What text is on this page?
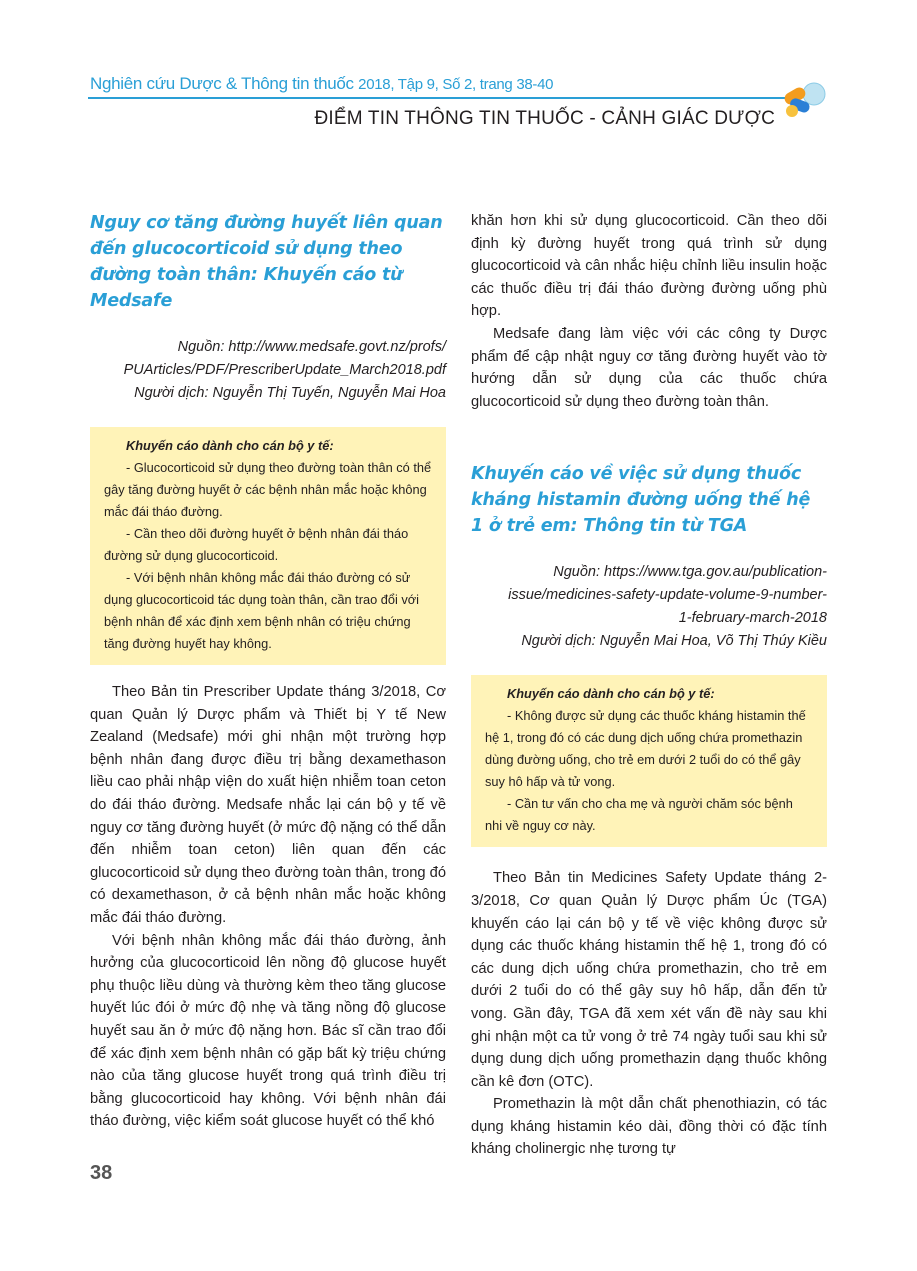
Nghiên cứu Dược & Thông tin thuốc 2018, Tập 9, Số 2, trang 38-40
ĐIỂM TIN THÔNG TIN THUỐC - CẢNH GIÁC DƯỢC
Nguy cơ tăng đường huyết liên quan đến glucocorticoid sử dụng theo đường toàn thân: Khuyến cáo từ Medsafe
Nguồn: http://www.medsafe.govt.nz/profs/
PUArticles/PDF/PrescriberUpdate_March2018.pdf
Người dịch: Nguyễn Thị Tuyến, Nguyễn Mai Hoa
Khuyến cáo dành cho cán bộ y tế:

- Glucocorticoid sử dụng theo đường toàn thân có thể gây tăng đường huyết ở các bệnh nhân mắc hoặc không mắc đái tháo đường.

- Cần theo dõi đường huyết ở bệnh nhân đái tháo đường sử dụng glucocorticoid.

- Với bệnh nhân không mắc đái tháo đường có sử dụng glucocorticoid tác dụng toàn thân, cần trao đổi với bệnh nhân để xác định xem bệnh nhân có triệu chứng tăng đường huyết hay không.

Theo Bản tin Prescriber Update tháng 3/2018, Cơ quan Quản lý Dược phẩm và Thiết bị Y tế New Zealand (Medsafe) mới ghi nhận một trường hợp bệnh nhân đang được điều trị bằng dexamethason liều cao phải nhập viện do xuất hiện nhiễm toan ceton do đái tháo đường. Medsafe nhắc lại cán bộ y tế về nguy cơ tăng đường huyết (ở mức độ nặng có thể dẫn đến nhiễm toan ceton) liên quan đến các glucocorticoid sử dụng theo đường toàn thân, trong đó có dexamethason, ở cả bệnh nhân mắc hoặc không mắc đái tháo đường.

Với bệnh nhân không mắc đái tháo đường, ảnh hưởng của glucocorticoid lên nồng độ glucose huyết phụ thuộc liều dùng và thường kèm theo tăng glucose huyết lúc đói ở mức độ nhẹ và tăng nồng độ glucose huyết sau ăn ở mức độ nặng hơn. Bác sĩ cần trao đổi để xác định xem bệnh nhân có gặp bất kỳ triệu chứng nào của tăng glucose huyết trong quá trình điều trị bằng glucocorticoid hay không. Với bệnh nhân đái tháo đường, việc kiểm soát glucose huyết có thể khó

khăn hơn khi sử dụng glucocorticoid. Cần theo dõi định kỳ đường huyết trong quá trình sử dụng glucocorticoid và cân nhắc hiệu chỉnh liều insulin hoặc các thuốc điều trị đái tháo đường đường uống phù hợp.

Medsafe đang làm việc với các công ty Dược phẩm để cập nhật nguy cơ tăng đường huyết vào tờ hướng dẫn sử dụng của các thuốc chứa glucocorticoid sử dụng theo đường toàn thân.

Khuyến cáo về việc sử dụng thuốc kháng histamin đường uống thế hệ 1 ở trẻ em: Thông tin từ TGA
Nguồn: https://www.tga.gov.au/publication-
issue/medicines-safety-update-volume-9-number-
1-february-march-2018
Người dịch: Nguyễn Mai Hoa, Võ Thị Thúy Kiều
Khuyến cáo dành cho cán bộ y tế:

- Không được sử dụng các thuốc kháng histamin thế hệ 1, trong đó có các dung dịch uống chứa promethazin dùng đường uống, cho trẻ em dưới 2 tuổi do có thể gây suy hô hấp và tử vong.

- Cần tư vấn cho cha mẹ và người chăm sóc bệnh nhi về nguy cơ này.

Theo Bản tin Medicines Safety Update tháng 2-3/2018, Cơ quan Quản lý Dược phẩm Úc (TGA) khuyến cáo lại cán bộ y tế về việc không được sử dụng các thuốc kháng histamin thế hệ 1, trong đó có các dung dịch uống chứa promethazin, cho trẻ em dưới 2 tuổi do có thể gây suy hô hấp, dẫn đến tử vong. Gần đây, TGA đã xem xét vấn đề này sau khi ghi nhận một ca tử vong ở trẻ 74 ngày tuổi sau khi sử dụng dung dịch uống promethazin dạng thuốc không cần kê đơn (OTC).

Promethazin là một dẫn chất phenothiazin, có tác dụng kháng histamin kéo dài, đồng thời có đặc tính kháng cholinergic nhẹ tương tự

38
